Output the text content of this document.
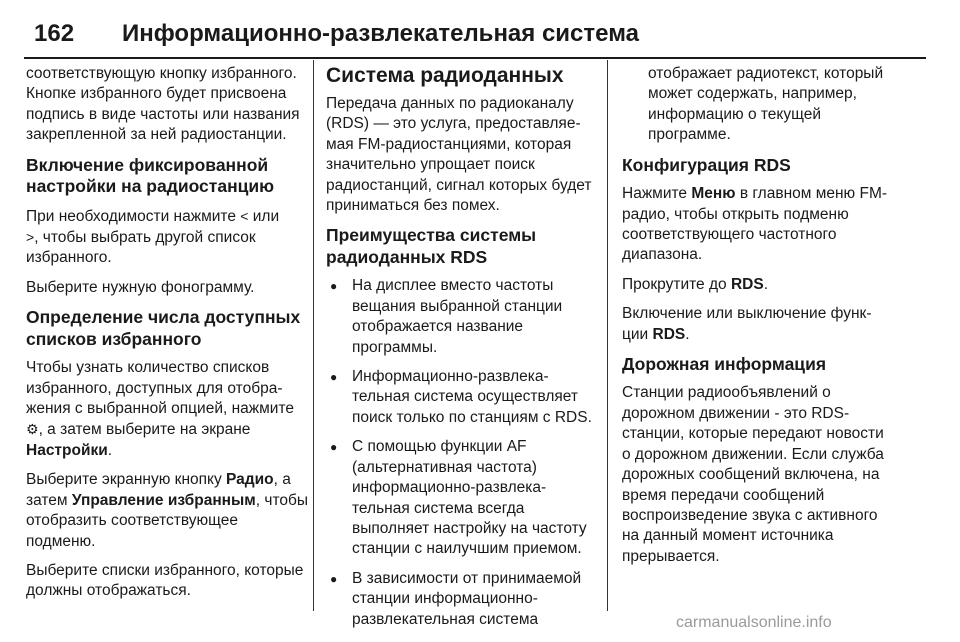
162 Информационно-развлекательная система

соответствующую кнопку избранного. Кнопке избранного будет присвоена подпись в виде частоты или названия закрепленной за ней радиостанции.

Включение фиксированной настройки на радиостанцию

При необходимости нажмите < или
>, чтобы выбрать другой список избранного.

Выберите нужную фонограмму.

Определение числа доступных списков избранного

Чтобы узнать количество списков избранного, доступных для отображения с выбранной опцией, нажмите ⚙, а затем выберите на экране Настройки.

Выберите экранную кнопку Радио, а затем Управление избранным, чтобы отобразить соответствующее подменю.

Выберите списки избранного, которые должны отображаться.

Система радиоданных

Передача данных по радиоканалу (RDS) — это услуга, предоставляемая FM-радиостанциями, которая значительно упрощает поиск радиостанций, сигнал которых будет приниматься без помех.

Преимущества системы радиоданных RDS
● На дисплее вместо частоты вещания выбранной станции отображается название программы.
● Информационно-развлекательная система осуществляет поиск только по станциям с RDS.
● С помощью функции AF (альтернативная частота) информационно-развлекательная система всегда выполняет настройку на частоту станции с наилучшим приемом.
● В зависимости от принимаемой станции информационно-развлекательная система

отображает радиотекст, который может содержать, например, информацию о текущей программе.

Конфигурация RDS

Нажмите Меню в главном меню FM-радио, чтобы открыть подменю соответствующего частотного диапазона.

Прокрутите до RDS.

Включение или выключение функции RDS.

Дорожная информация

Станции радиообъявлений о дорожном движении - это RDS-станции, которые передают новости о дорожном движении. Если служба дорожных сообщений включена, на время передачи сообщений воспроизведение звука с активного на данный момент источника прерывается.

carmanualsonline.info
